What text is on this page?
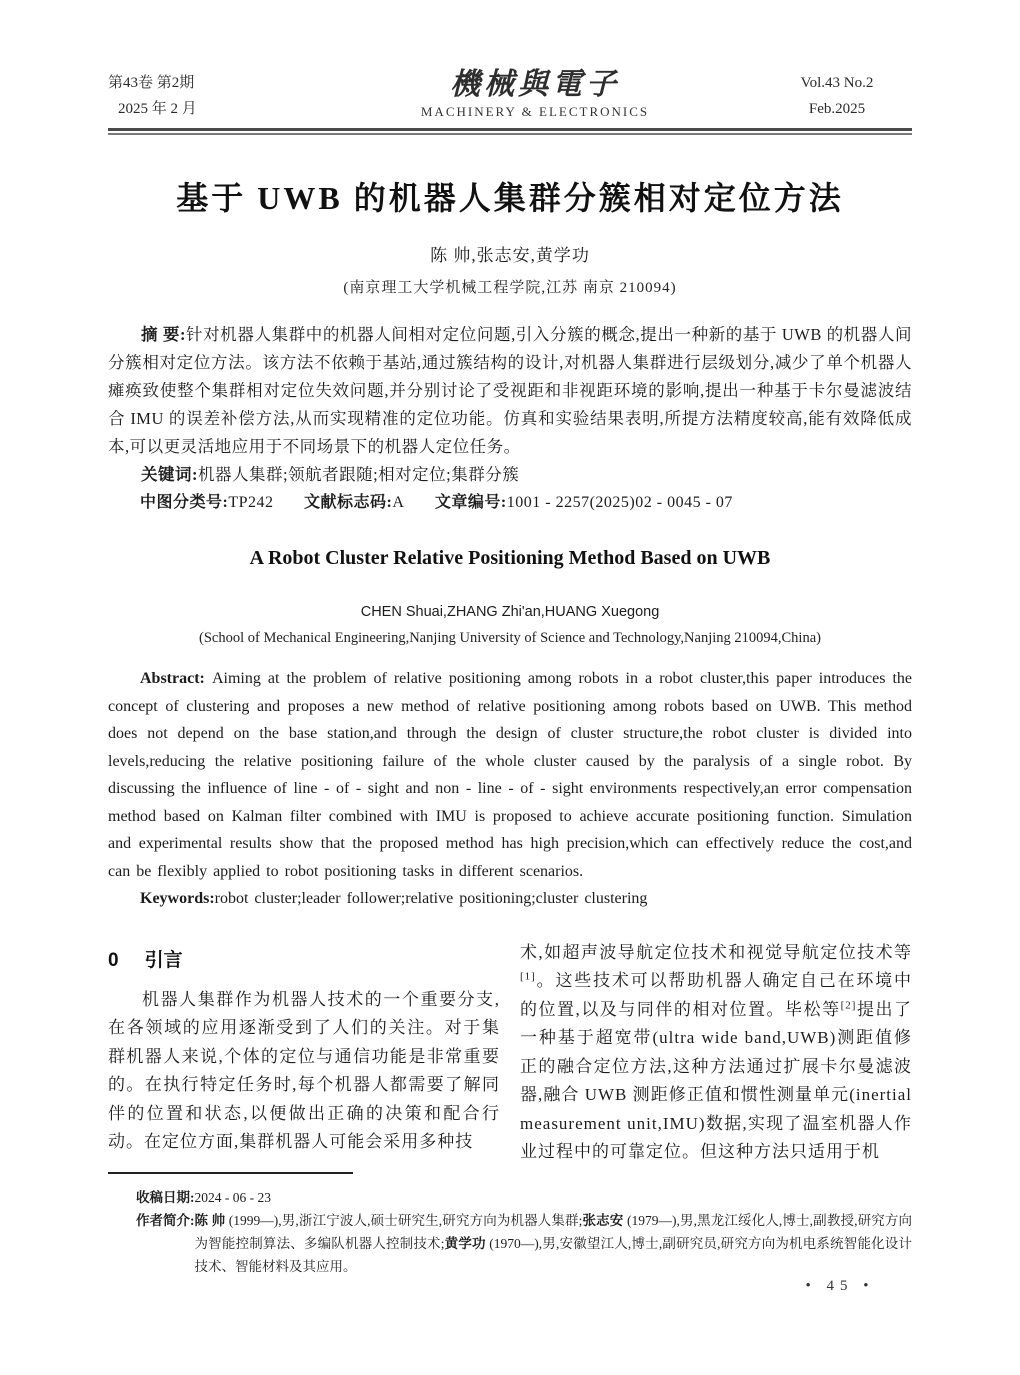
第43卷 第2期
2025 年 2 月
機械與電子
MACHINERY & ELECTRONICS
Vol.43 No.2
Feb.2025
基于 UWB 的机器人集群分簇相对定位方法
陈 帅,张志安,黄学功
(南京理工大学机械工程学院,江苏 南京 210094)
摘 要:针对机器人集群中的机器人间相对定位问题,引入分簇的概念,提出一种新的基于 UWB 的机器人间分簇相对定位方法。该方法不依赖于基站,通过簇结构的设计,对机器人集群进行层级划分,减少了单个机器人瘫痪致使整个集群相对定位失效问题,并分别讨论了受视距和非视距环境的影响,提出一种基于卡尔曼滤波结合 IMU 的误差补偿方法,从而实现精准的定位功能。仿真和实验结果表明,所提方法精度较高,能有效降低成本,可以更灵活地应用于不同场景下的机器人定位任务。
关键词:机器人集群;领航者跟随;相对定位;集群分簇
中图分类号:TP242 文献标志码:A 文章编号:1001 - 2257(2025)02 - 0045 - 07
A Robot Cluster Relative Positioning Method Based on UWB
CHEN Shuai,ZHANG Zhi'an,HUANG Xuegong
(School of Mechanical Engineering,Nanjing University of Science and Technology,Nanjing 210094,China)
Abstract: Aiming at the problem of relative positioning among robots in a robot cluster,this paper introduces the concept of clustering and proposes a new method of relative positioning among robots based on UWB. This method does not depend on the base station,and through the design of cluster structure,the robot cluster is divided into levels,reducing the relative positioning failure of the whole cluster caused by the paralysis of a single robot. By discussing the influence of line - of - sight and non - line - of - sight environments respectively,an error compensation method based on Kalman filter combined with IMU is proposed to achieve accurate positioning function. Simulation and experimental results show that the proposed method has high precision,which can effectively reduce the cost,and can be flexibly applied to robot positioning tasks in different scenarios.
Keywords:robot cluster;leader follower;relative positioning;cluster clustering
0 引言
机器人集群作为机器人技术的一个重要分支,在各领域的应用逐渐受到了人们的关注。对于集群机器人来说,个体的定位与通信功能是非常重要的。在执行特定任务时,每个机器人都需要了解同伴的位置和状态,以便做出正确的决策和配合行动。在定位方面,集群机器人可能会采用多种技
术,如超声波导航定位技术和视觉导航定位技术等[1]。这些技术可以帮助机器人确定自己在环境中的位置,以及与同伴的相对位置。毕松等[2]提出了一种基于超宽带(ultra wide band,UWB)测距值修正的融合定位方法,这种方法通过扩展卡尔曼滤波器,融合 UWB 测距修正值和惯性测量单元(inertial measurement unit,IMU)数据,实现了温室机器人作业过程中的可靠定位。但这种方法只适用于机
收稿日期: 2024 - 06 - 23
作者简介: 陈 帅 (1999—),男,浙江宁波人,硕士研究生,研究方向为机器人集群;张志安 (1979—),男,黑龙江绥化人,博士,副教授,研究方向为智能控制算法、多编队机器人控制技术;黄学功 (1970—),男,安徽望江人,博士,副研究员,研究方向为机电系统智能化设计技术、智能材料及其应用。
• 45 •
